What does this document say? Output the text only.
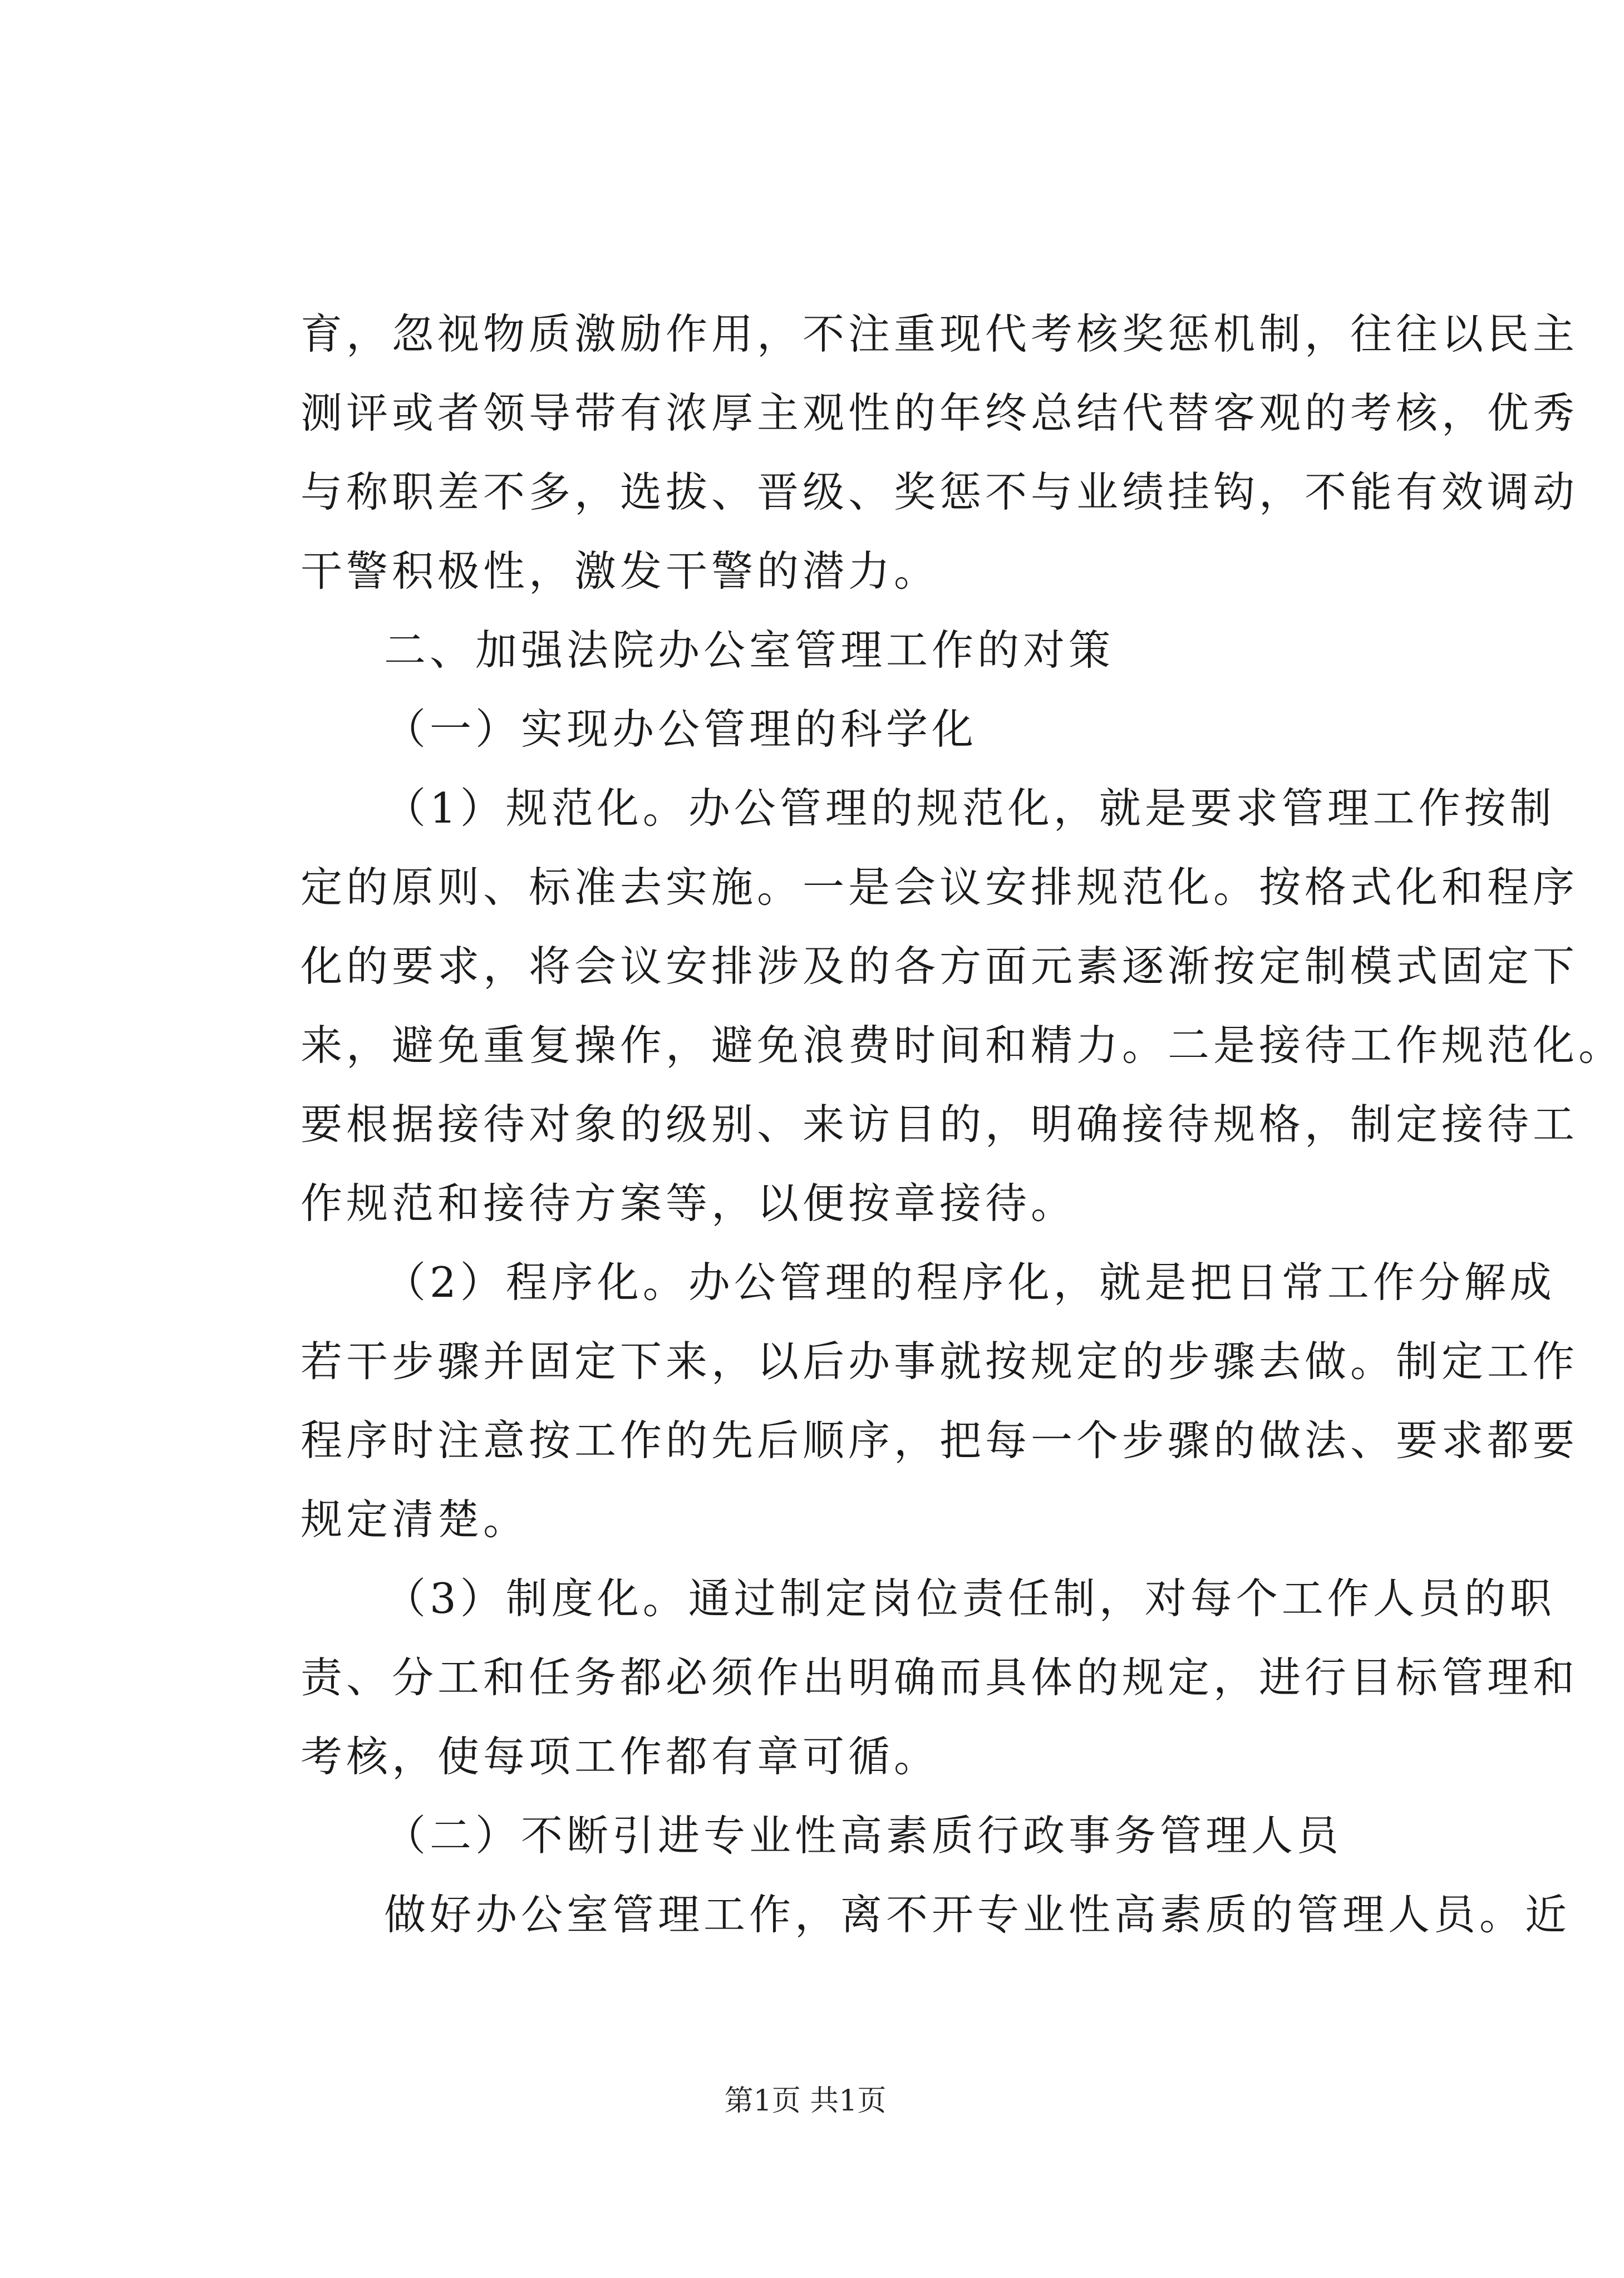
育，忽视物质激励作用，不注重现代考核奖惩机制，往往以民主
测评或者领导带有浓厚主观性的年终总结代替客观的考核，优秀
与称职差不多，选拔、晋级、奖惩不与业绩挂钩，不能有效调动
干警积极性，激发干警的潜力。
二、加强法院办公室管理工作的对策
（一）实现办公管理的科学化
（1）规范化。办公管理的规范化，就是要求管理工作按制
定的原则、标准去实施。一是会议安排规范化。按格式化和程序
化的要求，将会议安排涉及的各方面元素逐渐按定制模式固定下
来，避免重复操作，避免浪费时间和精力。二是接待工作规范化。
要根据接待对象的级别、来访目的，明确接待规格，制定接待工
作规范和接待方案等，以便按章接待。
（2）程序化。办公管理的程序化，就是把日常工作分解成
若干步骤并固定下来，以后办事就按规定的步骤去做。制定工作
程序时注意按工作的先后顺序，把每一个步骤的做法、要求都要
规定清楚。
（3）制度化。通过制定岗位责任制，对每个工作人员的职
责、分工和任务都必须作出明确而具体的规定，进行目标管理和
考核，使每项工作都有章可循。
（二）不断引进专业性高素质行政事务管理人员
做好办公室管理工作，离不开专业性高素质的管理人员。近
第1页 共1页
